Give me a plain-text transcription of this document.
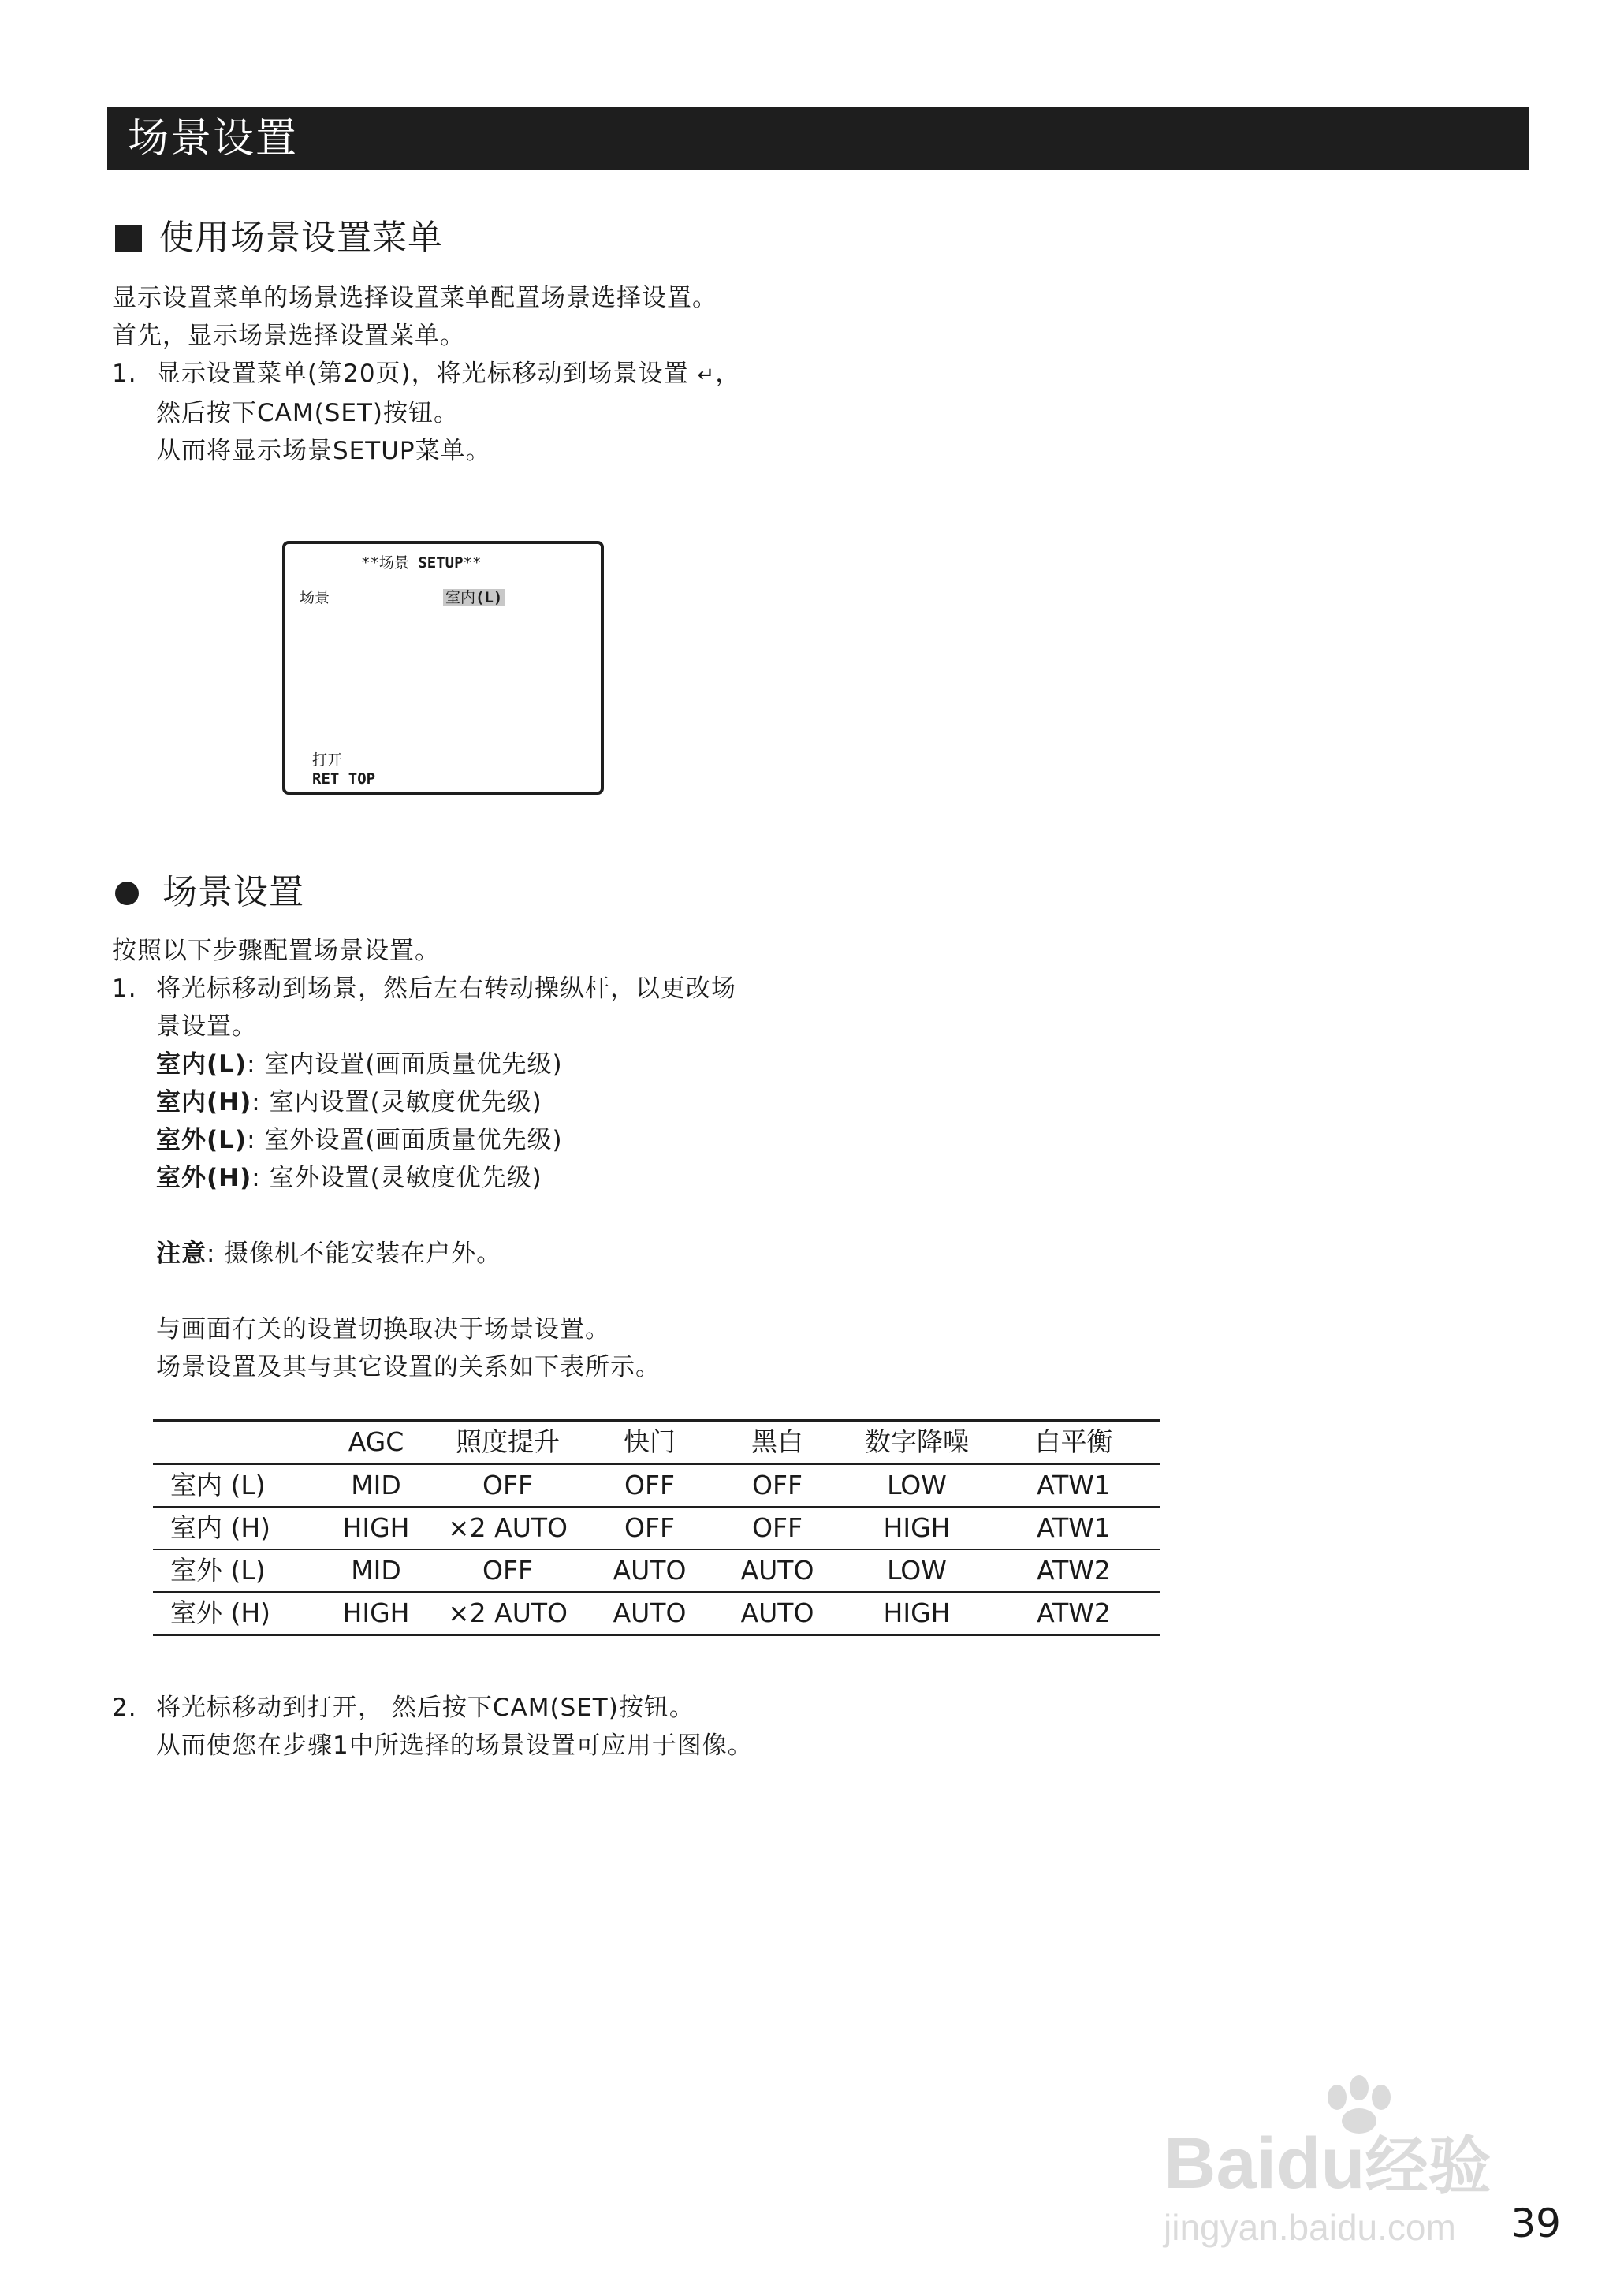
场景设置
使用场景设置菜单
显示设置菜单的场景选择设置菜单配置场景选择设置。
首先，显示场景选择设置菜单。
1. 显示设置菜单(第20页)，将光标移动到场景设置 ↵，
然后按下CAM(SET)按钮。
从而将显示场景SETUP菜单。
**场景 SETUP**
场景	室内(L)
打开
RET TOP
场景设置
按照以下步骤配置场景设置。
1. 将光标移动到场景，然后左右转动操纵杆，以更改场
景设置。
室内(L): 室内设置(画面质量优先级)
室内(H): 室内设置(灵敏度优先级)
室外(L): 室外设置(画面质量优先级)
室外(H): 室外设置(灵敏度优先级)
注意: 摄像机不能安装在户外。
与画面有关的设置切换取决于场景设置。
场景设置及其与其它设置的关系如下表所示。
	AGC	照度提升	快门	黑白	数字降噪	白平衡
室内 (L)	MID	OFF	OFF	OFF	LOW	ATW1
室内 (H)	HIGH	×2 AUTO	OFF	OFF	HIGH	ATW1
室外 (L)	MID	OFF	AUTO	AUTO	LOW	ATW2
室外 (H)	HIGH	×2 AUTO	AUTO	AUTO	HIGH	ATW2
2. 将光标移动到打开， 然后按下CAM(SET)按钮。
从而使您在步骤1中所选择的场景设置可应用于图像。
Baidu经验
jingyan.baidu.com 39
